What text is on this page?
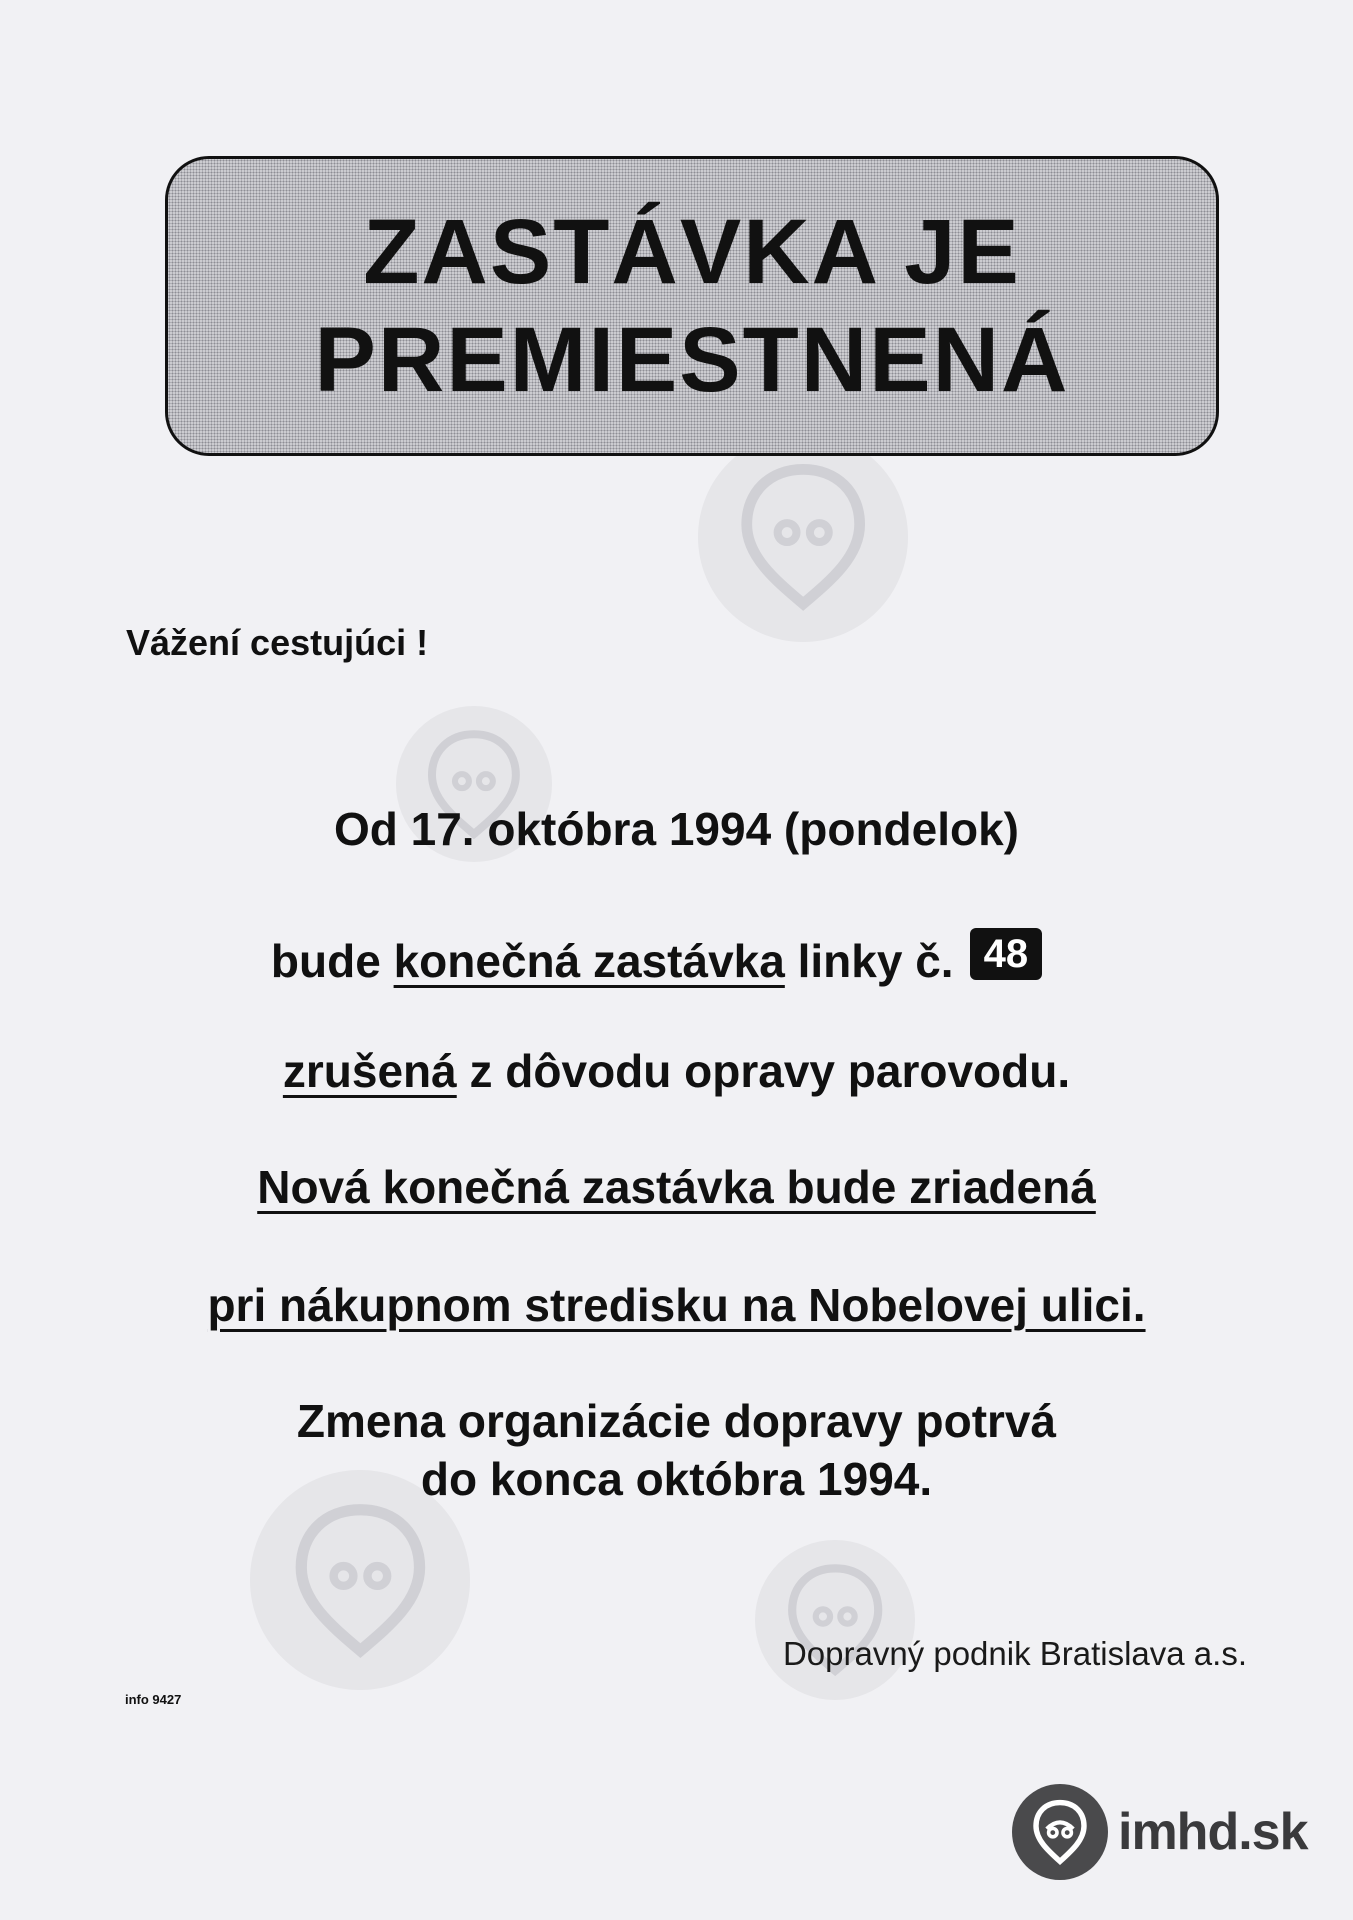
ZASTÁVKA JE
PREMIESTNENÁ
Vážení cestujúci !
Od 17. októbra 1994 (pondelok)
bude konečná zastávka linky č. 48
zrušená z dôvodu opravy parovodu.
Nová konečná zastávka bude zriadená
pri nákupnom stredisku na Nobelovej ulici.
Zmena organizácie dopravy potrvá
do konca októbra 1994.
Dopravný podnik Bratislava a.s.
info 9427
imhd.sk
